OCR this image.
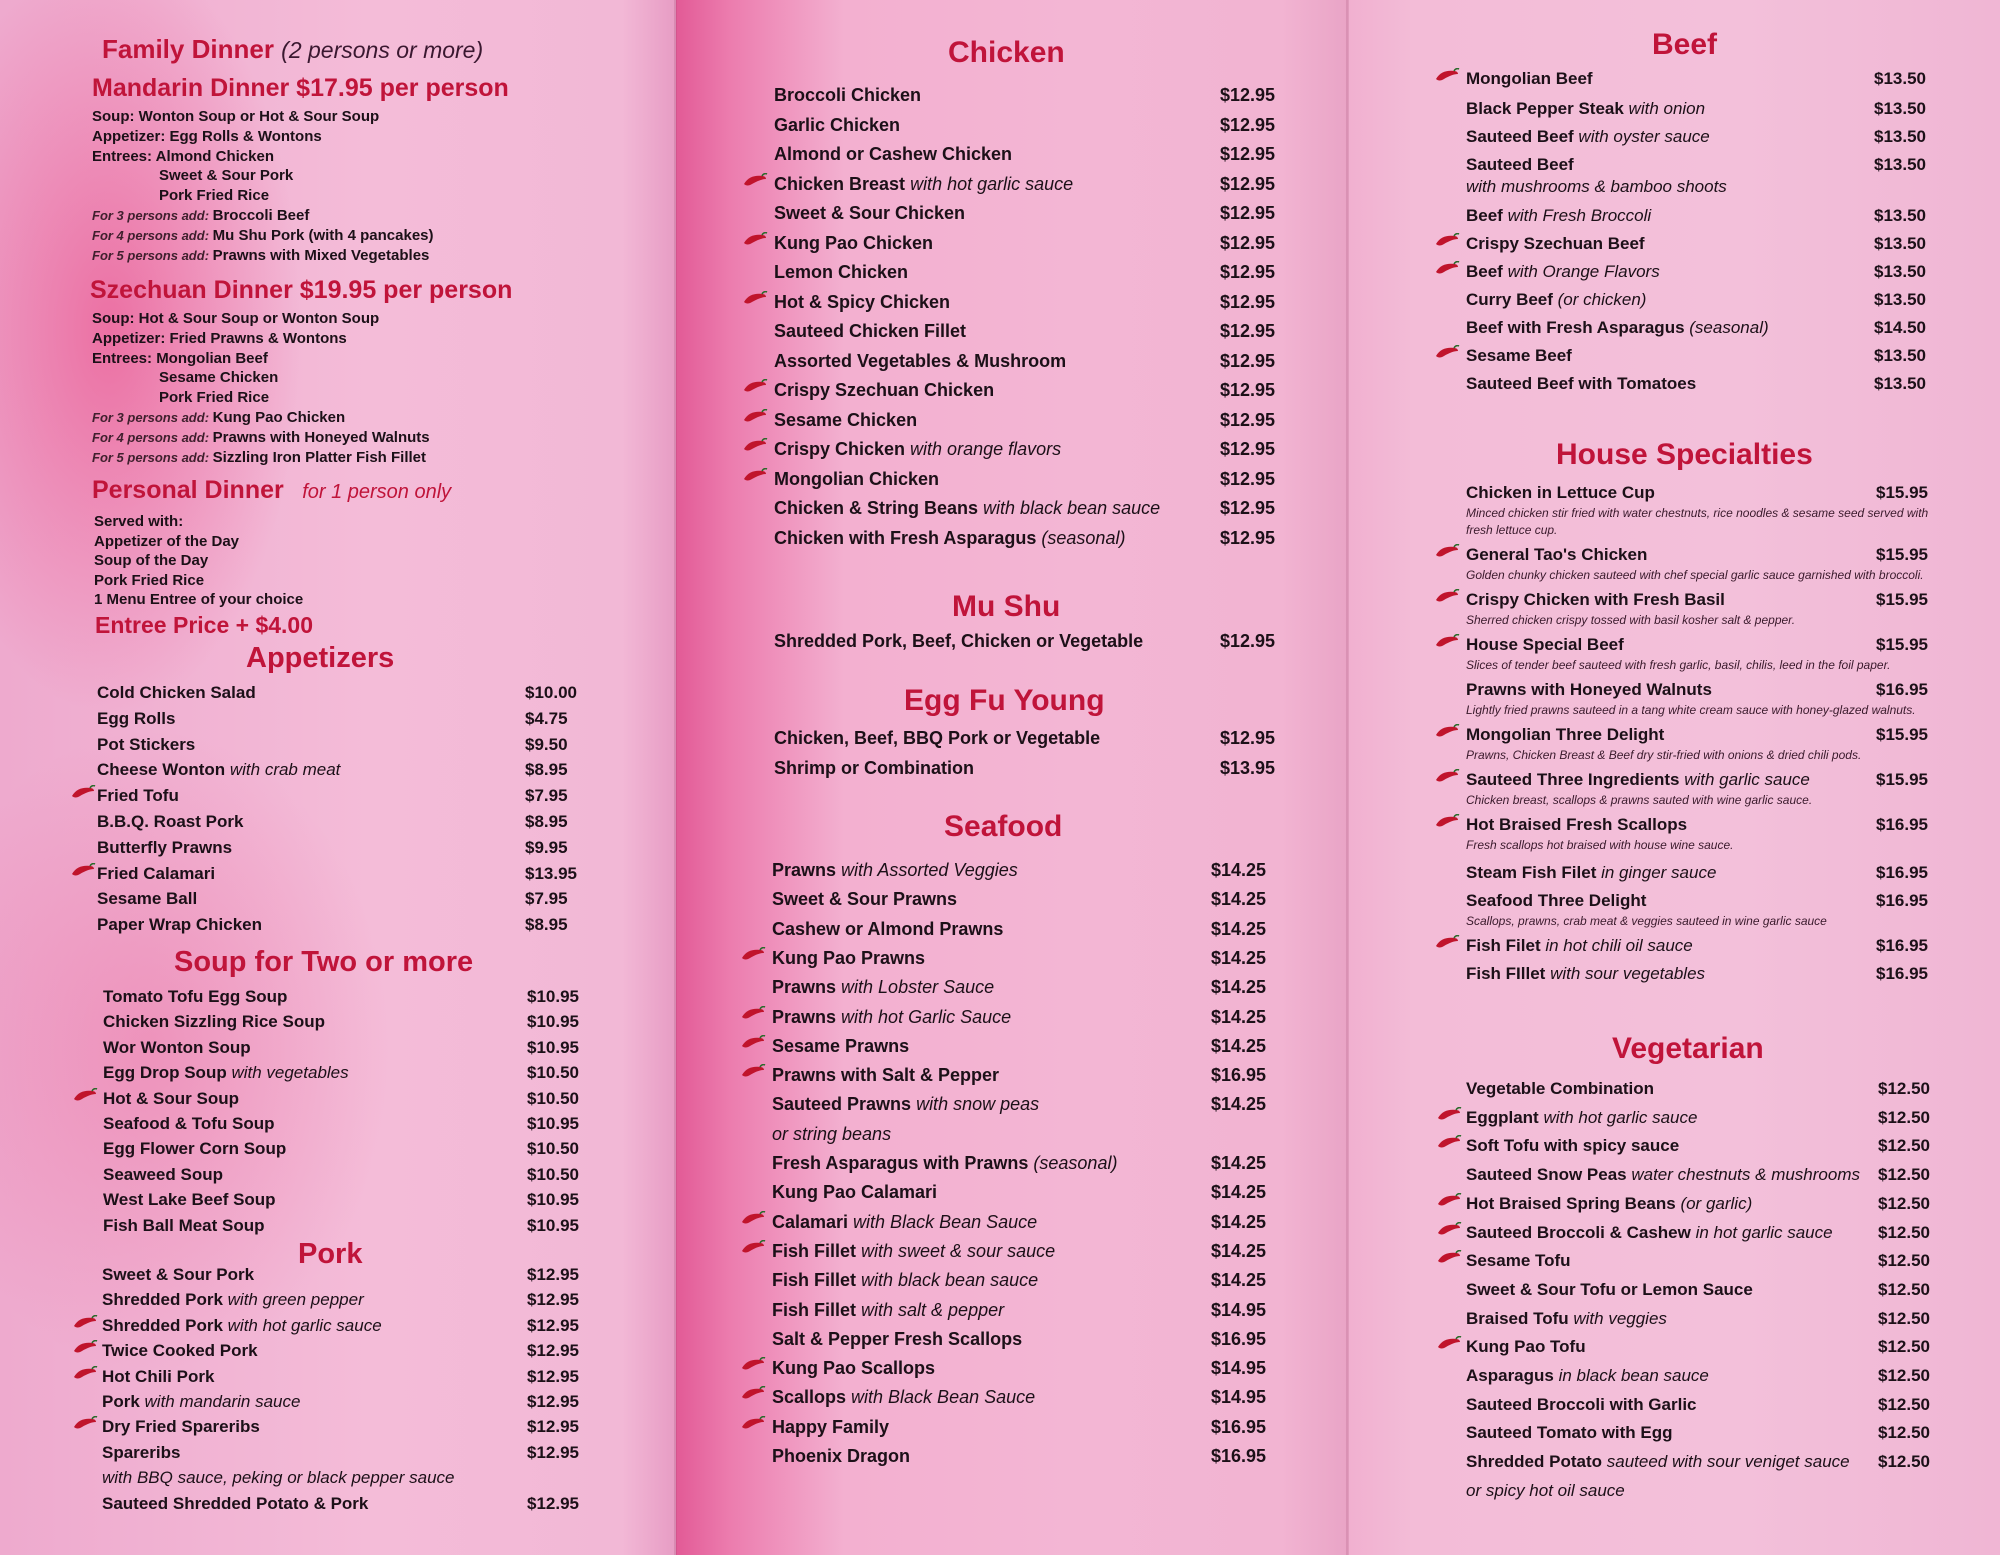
Family Dinner (2 persons or more)
Mandarin Dinner $17.95 per person
Soup: Wonton Soup or Hot & Sour Soup
Appetizer: Egg Rolls & Wontons
Entrees: Almond Chicken
Sweet & Sour Pork
Pork Fried Rice
For 3 persons add: Broccoli Beef
For 4 persons add: Mu Shu Pork (with 4 pancakes)
For 5 persons add: Prawns with Mixed Vegetables
Szechuan Dinner $19.95 per person
Soup: Hot & Sour Soup or Wonton Soup
Appetizer: Fried Prawns & Wontons
Entrees: Mongolian Beef
Sesame Chicken
Pork Fried Rice
For 3 persons add: Kung Pao Chicken
For 4 persons add: Prawns with Honeyed Walnuts
For 5 persons add: Sizzling Iron Platter Fish Fillet
Personal Dinner for 1 person only
Served with:
Appetizer of the Day
Soup of the Day
Pork Fried Rice
1 Menu Entree of your choice
Entree Price + $4.00
Appetizers
Cold Chicken Salad	$10.00
Egg Rolls	$4.75
Pot Stickers	$9.50
Cheese Wonton with crab meat	$8.95
Fried Tofu	$7.95
B.B.Q. Roast Pork	$8.95
Butterfly Prawns	$9.95
Fried Calamari	$13.95
Sesame Ball	$7.95
Paper Wrap Chicken	$8.95
Soup for Two or more
Tomato Tofu Egg Soup	$10.95
Chicken Sizzling Rice Soup	$10.95
Wor Wonton Soup	$10.95
Egg Drop Soup with vegetables	$10.50
Hot & Sour Soup	$10.50
Seafood & Tofu Soup	$10.95
Egg Flower Corn Soup	$10.50
Seaweed Soup	$10.50
West Lake Beef Soup	$10.95
Fish Ball Meat Soup	$10.95
Pork
Sweet & Sour Pork	$12.95
Shredded Pork with green pepper	$12.95
Shredded Pork with hot garlic sauce	$12.95
Twice Cooked Pork	$12.95
Hot Chili Pork	$12.95
Pork with mandarin sauce	$12.95
Dry Fried Spareribs	$12.95
Spareribs	$12.95
with BBQ sauce, peking or black pepper sauce
Sauteed Shredded Potato & Pork	$12.95
Chicken
Broccoli Chicken	$12.95
Garlic Chicken	$12.95
Almond or Cashew Chicken	$12.95
Chicken Breast with hot garlic sauce	$12.95
Sweet & Sour Chicken	$12.95
Kung Pao Chicken	$12.95
Lemon Chicken	$12.95
Hot & Spicy Chicken	$12.95
Sauteed Chicken Fillet	$12.95
Assorted Vegetables & Mushroom	$12.95
Crispy Szechuan Chicken	$12.95
Sesame Chicken	$12.95
Crispy Chicken with orange flavors	$12.95
Mongolian Chicken	$12.95
Chicken & String Beans with black bean sauce	$12.95
Chicken with Fresh Asparagus (seasonal)	$12.95
Mu Shu
Shredded Pork, Beef, Chicken or Vegetable	$12.95
Egg Fu Young
Chicken, Beef, BBQ Pork or Vegetable	$12.95
Shrimp or Combination	$13.95
Seafood
Prawns with Assorted Veggies	$14.25
Sweet & Sour Prawns	$14.25
Cashew or Almond Prawns	$14.25
Kung Pao Prawns	$14.25
Prawns with Lobster Sauce	$14.25
Prawns with hot Garlic Sauce	$14.25
Sesame Prawns	$14.25
Prawns with Salt & Pepper	$16.95
Sauteed Prawns with snow peas	$14.25
or string beans
Fresh Asparagus with Prawns (seasonal)	$14.25
Kung Pao Calamari	$14.25
Calamari with Black Bean Sauce	$14.25
Fish Fillet with sweet & sour sauce	$14.25
Fish Fillet with black bean sauce	$14.25
Fish Fillet with salt & pepper	$14.95
Salt & Pepper Fresh Scallops	$16.95
Kung Pao Scallops	$14.95
Scallops with Black Bean Sauce	$14.95
Happy Family	$16.95
Phoenix Dragon	$16.95
Beef
Mongolian Beef	$13.50
Black Pepper Steak with onion	$13.50
Sauteed Beef with oyster sauce	$13.50
Sauteed Beef	$13.50
with mushrooms & bamboo shoots
Beef with Fresh Broccoli	$13.50
Crispy Szechuan Beef	$13.50
Beef with Orange Flavors	$13.50
Curry Beef (or chicken)	$13.50
Beef with Fresh Asparagus (seasonal)	$14.50
Sesame Beef	$13.50
Sauteed Beef with Tomatoes	$13.50
House Specialties
Chicken in Lettuce Cup	$15.95
Minced chicken stir fried with water chestnuts, rice noodles & sesame seed served with fresh lettuce cup.
General Tao's Chicken	$15.95
Golden chunky chicken sauteed with chef special garlic sauce garnished with broccoli.
Crispy Chicken with Fresh Basil	$15.95
Sherred chicken crispy tossed with basil kosher salt & pepper.
House Special Beef	$15.95
Slices of tender beef sauteed with fresh garlic, basil, chilis, leed in the foil paper.
Prawns with Honeyed Walnuts	$16.95
Lightly fried prawns sauteed in a tang white cream sauce with honey-glazed walnuts.
Mongolian Three Delight	$15.95
Prawns, Chicken Breast & Beef dry stir-fried with onions & dried chili pods.
Sauteed Three Ingredients with garlic sauce	$15.95
Chicken breast, scallops & prawns sauted with wine garlic sauce.
Hot Braised Fresh Scallops	$16.95
Fresh scallops hot braised with house wine sauce.
Steam Fish Filet in ginger sauce	$16.95
Seafood Three Delight	$16.95
Scallops, prawns, crab meat & veggies sauteed in wine garlic sauce
Fish Filet in hot chili oil sauce	$16.95
Fish FIllet with sour vegetables	$16.95
Vegetarian
Vegetable Combination	$12.50
Eggplant with hot garlic sauce	$12.50
Soft Tofu with spicy sauce	$12.50
Sauteed Snow Peas water chestnuts & mushrooms $12.50
Hot Braised Spring Beans (or garlic)	$12.50
Sauteed Broccoli & Cashew in hot garlic sauce	$12.50
Sesame Tofu	$12.50
Sweet & Sour Tofu or Lemon Sauce	$12.50
Braised Tofu with veggies	$12.50
Kung Pao Tofu	$12.50
Asparagus in black bean sauce	$12.50
Sauteed Broccoli with Garlic	$12.50
Sauteed Tomato with Egg	$12.50
Shredded Potato sauteed with sour veniget sauce $12.50
or spicy hot oil sauce
